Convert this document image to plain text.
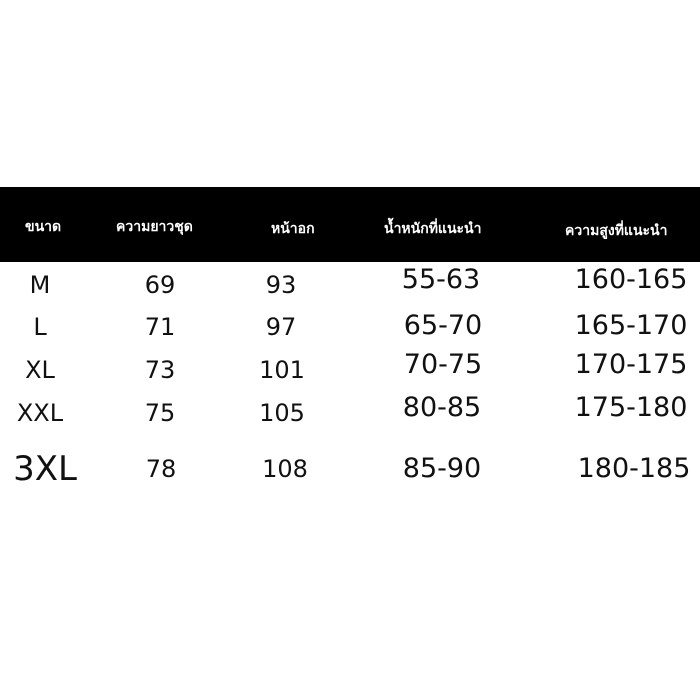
ขนาด	ความยาวชุด	หน้าอก	น้ำหนักที่แนะนำ	ความสูงที่แนะนำ
M	69	93	55-63	160-165
L	71	97	65-70	165-170
XL	73	101	70-75	170-175
XXL	75	105	80-85	175-180
3XL	78	108	85-90	180-185
